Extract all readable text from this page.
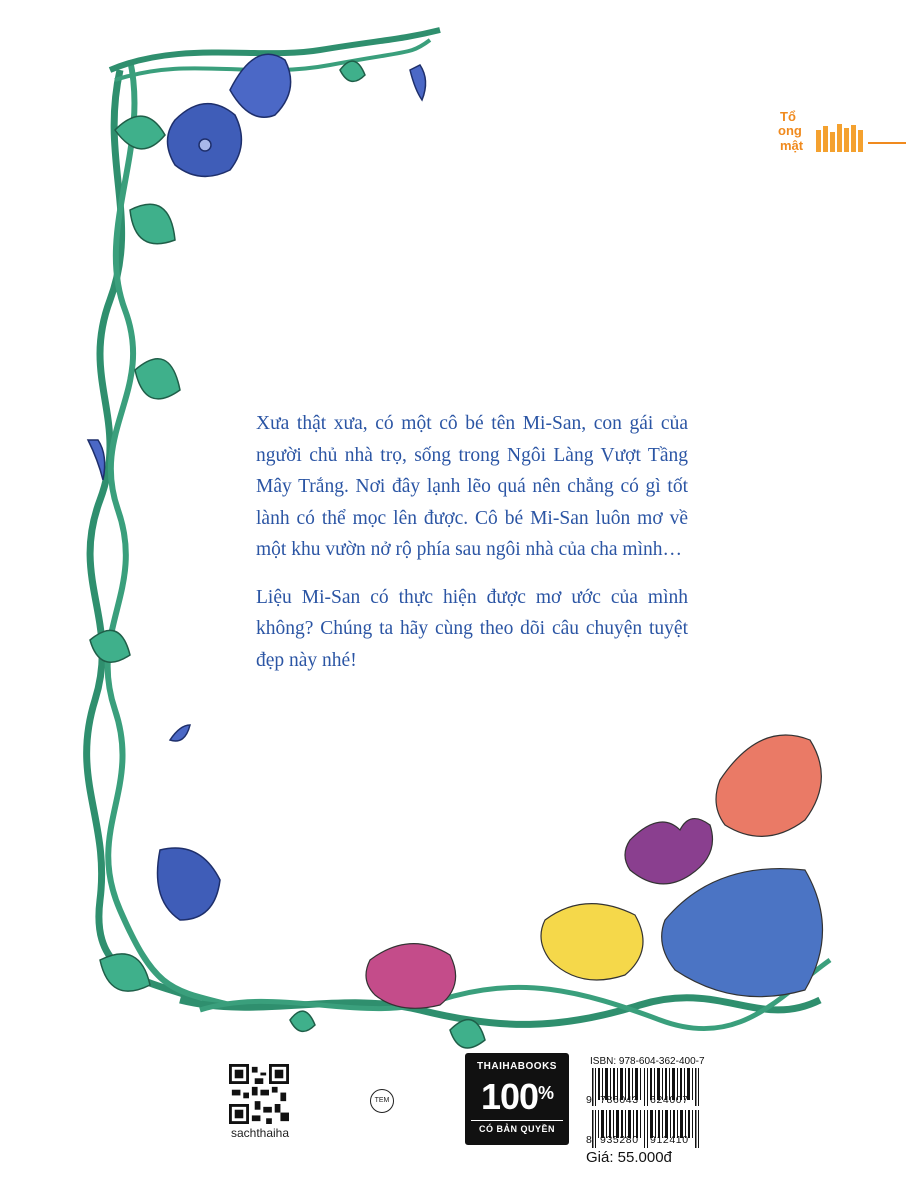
Tổ
ong
mật

Xưa thật xưa, có một cô bé tên Mi-San, con gái của người chủ nhà trọ, sống trong Ngôi Làng Vượt Tầng Mây Trắng. Nơi đây lạnh lẽo quá nên chẳng có gì tốt lành có thể mọc lên được. Cô bé Mi-San luôn mơ về một khu vườn nở rộ phía sau ngôi nhà của cha mình…

Liệu Mi-San có thực hiện được mơ ước của mình không? Chúng ta hãy cùng theo dõi câu chuyện tuyệt đẹp này nhé!

sachthaiha
TEM
THAIHABOOKS
100%
CÓ BẢN QUYỀN
ISBN: 978-604-362-400-7
9 786043 624007
8 935280 912410
Giá: 55.000đ
